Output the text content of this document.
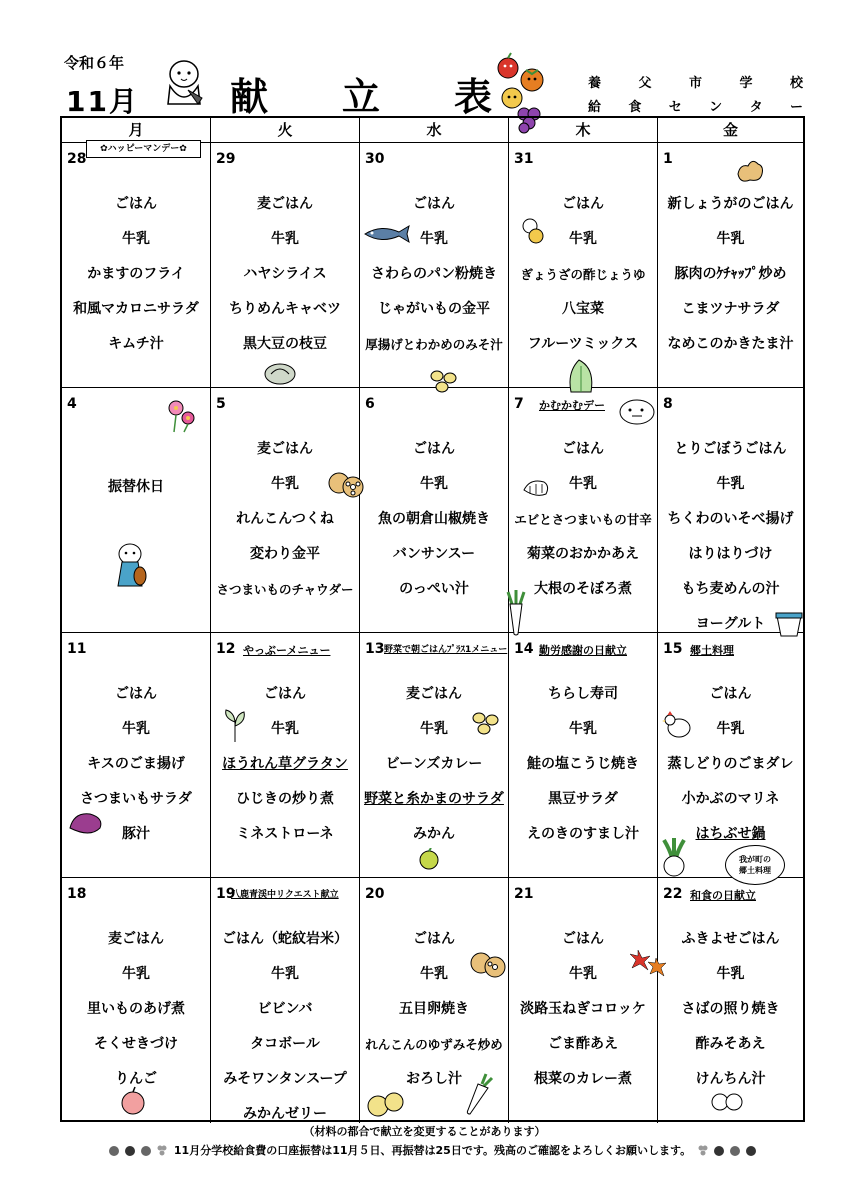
令和６年
11月 献 立 表	養	父	市	学	校
給 食 セ ン タ ー
月	火	水	木	金
28
ごはん
牛乳
かますのフライ
和風マカロニサラダ
キムチ汁
29
麦ごはん
牛乳
ハヤシライス
ちりめんキャベツ
黒大豆の枝豆
30
ごはん
牛乳
さわらのパン粉焼き
じゃがいもの金平
厚揚げとわかめのみそ汁
31
ごはん
牛乳
ぎょうざの酢じょうゆ
八宝菜
フルーツミックス
1
新しょうがのごはん
牛乳
豚肉のｹﾁｬｯﾌﾟ炒め
こまツナサラダ
なめこのかきたま汁
4
振替休日
5
麦ごはん
牛乳
れんこんつくね
変わり金平
さつまいものチャウダー
6
ごはん
牛乳
魚の朝倉山椒焼き
バンサンスー
のっぺい汁
7 かむかむデー
ごはん
牛乳
エビとさつまいもの甘辛
菊菜のおかかあえ
大根のそぼろ煮
8
とりごぼうごはん
牛乳
ちくわのいそべ揚げ
はりはりづけ
もち麦めんの汁
ヨーグルト
11
ごはん
牛乳
キスのごま揚げ
さつまいもサラダ
豚汁
12 やっぶーメニュー
ごはん
牛乳
ほうれん草グラタン
ひじきの炒り煮
ミネストローネ
13 野菜で朝ごはんﾌﾟﾗｽ1メニュー
麦ごはん
牛乳
ビーンズカレー
野菜と糸かまのサラダ
みかん
14 勤労感謝の日献立
ちらし寿司
牛乳
鮭の塩こうじ焼き
黒豆サラダ
えのきのすまし汁
15 郷土料理
ごはん
牛乳
蒸しどりのごまダレ
小かぶのマリネ
はちぶせ鍋
18
麦ごはん
牛乳
里いものあげ煮
そくせきづけ
りんご
19
八鹿青渓中リクエスト献立
ごはん（蛇紋岩米）
牛乳
ビビンバ
タコボール
みそワンタンスープ
みかんゼリー
20
ごはん
牛乳
五目卵焼き
れんこんのゆずみそ炒め
おろし汁
21
ごはん
牛乳
淡路玉ねぎコロッケ
ごま酢あえ
根菜のカレー煮
22 和食の日献立
ふきよせごはん
牛乳
さばの照り焼き
酢みそあえ
けんちん汁
✿ハッピーマンデー✿
我が町の
郷土料理
（材料の都合で献立を変更することがあります）
11月分学校給食費の口座振替は11月５日、再振替は25日です。残高のご確認をよろしくお願いします。
